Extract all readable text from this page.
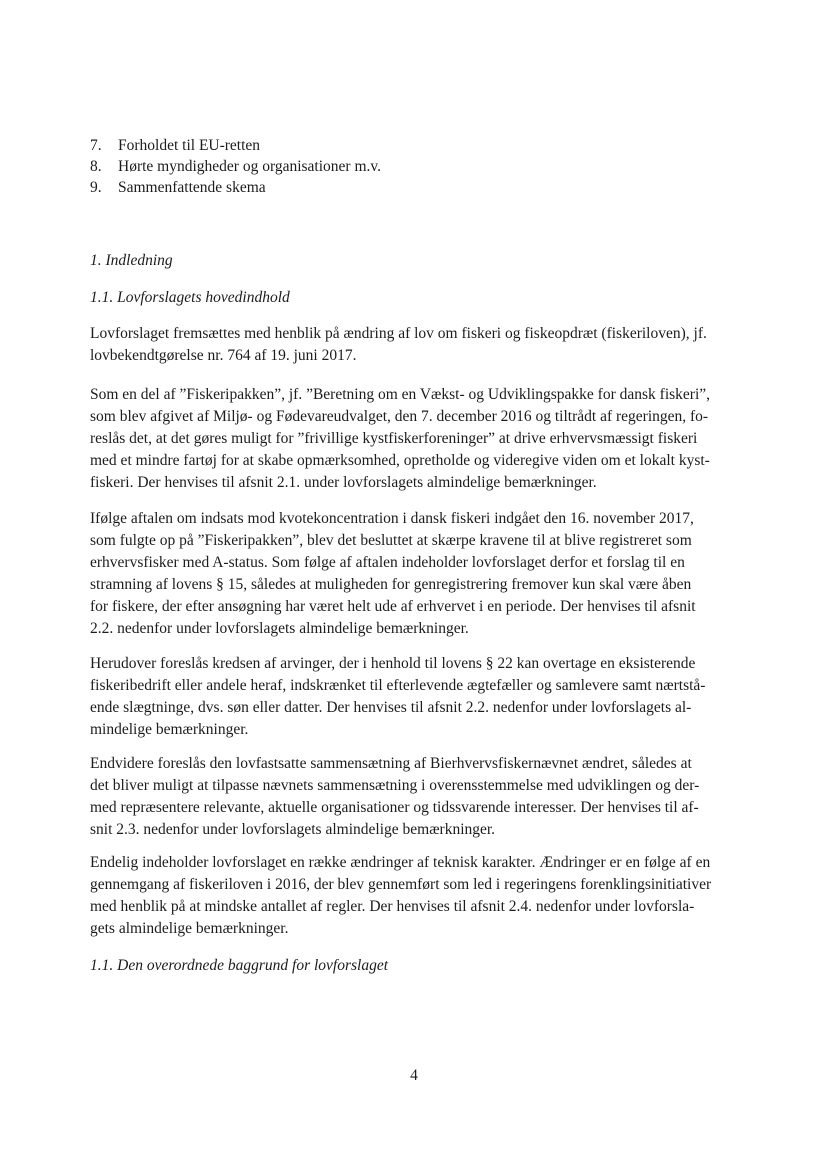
7.	Forholdet til EU-retten
8.	Hørte myndigheder og organisationer m.v.
9.	Sammenfattende skema
1. Indledning
1.1. Lovforslagets hovedindhold

Lovforslaget fremsættes med henblik på ændring af lov om fiskeri og fiskeopdræt (fiskeriloven), jf.
lovbekendtgørelse nr. 764 af 19. juni 2017.

Som en del af ”Fiskeripakken”, jf. ”Beretning om en Vækst- og Udviklingspakke for dansk fiskeri”,
som blev afgivet af Miljø- og Fødevareudvalget, den 7. december 2016 og tiltrådt af regeringen, fo-
reslås det, at det gøres muligt for ”frivillige kystfiskerforeninger” at drive erhvervsmæssigt fiskeri
med et mindre fartøj for at skabe opmærksomhed, opretholde og videregive viden om et lokalt kyst-
fiskeri. Der henvises til afsnit 2.1. under lovforslagets almindelige bemærkninger.

Ifølge aftalen om indsats mod kvotekoncentration i dansk fiskeri indgået den 16. november 2017,
som fulgte op på ”Fiskeripakken”, blev det besluttet at skærpe kravene til at blive registreret som
erhvervsfisker med A-status. Som følge af aftalen indeholder lovforslaget derfor et forslag til en
stramning af lovens § 15, således at muligheden for genregistrering fremover kun skal være åben
for fiskere, der efter ansøgning har været helt ude af erhvervet i en periode. Der henvises til afsnit
2.2. nedenfor under lovforslagets almindelige bemærkninger.

Herudover foreslås kredsen af arvinger, der i henhold til lovens § 22 kan overtage en eksisterende
fiskeribedrift eller andele heraf, indskrænket til efterlevende ægtefæller og samlevere samt nærtstå-
ende slægtninge, dvs. søn eller datter. Der henvises til afsnit 2.2. nedenfor under lovforslagets al-
mindelige bemærkninger.

Endvidere foreslås den lovfastsatte sammensætning af Bierhvervsfiskernævnet ændret, således at
det bliver muligt at tilpasse nævnets sammensætning i overensstemmelse med udviklingen og der-
med repræsentere relevante, aktuelle organisationer og tidssvarende interesser. Der henvises til af-
snit 2.3. nedenfor under lovforslagets almindelige bemærkninger.

Endelig indeholder lovforslaget en række ændringer af teknisk karakter. Ændringer er en følge af en
gennemgang af fiskeriloven i 2016, der blev gennemført som led i regeringens forenklingsinitiativer
med henblik på at mindske antallet af regler. Der henvises til afsnit 2.4. nedenfor under lovforsla-
gets almindelige bemærkninger.

1.1. Den overordnede baggrund for lovforslaget
4
